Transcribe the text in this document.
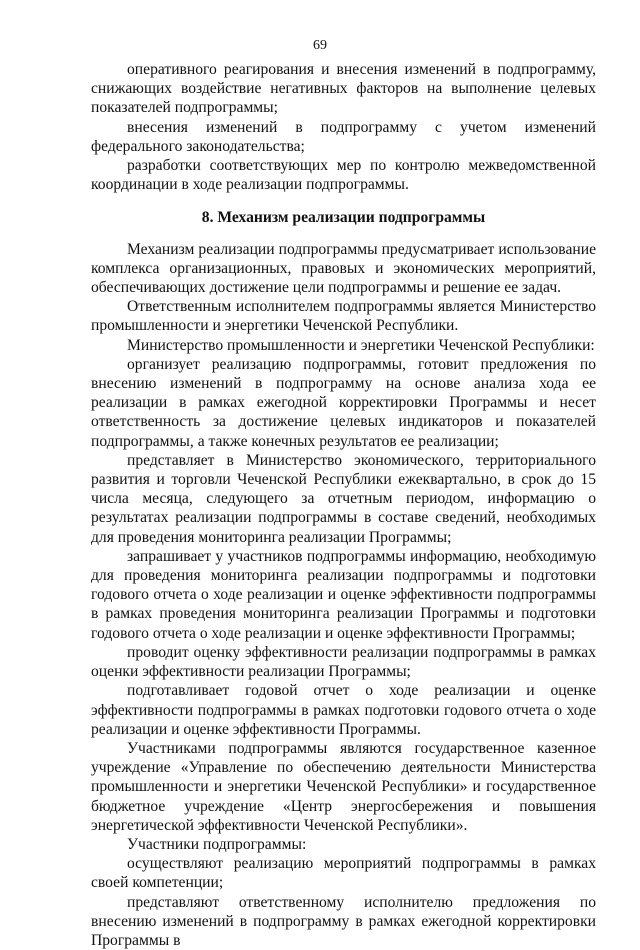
69

оперативного реагирования и внесения изменений в подпрограмму, снижающих воздействие негативных факторов на выполнение целевых показателей подпрограммы;

внесения изменений в подпрограмму с учетом изменений федерального законодательства;

разработки соответствующих мер по контролю межведомственной координации в ходе реализации подпрограммы.

8. Механизм реализации подпрограммы

Механизм реализации подпрограммы предусматривает использование комплекса организационных, правовых и экономических мероприятий, обеспечивающих достижение цели подпрограммы и решение ее задач.

Ответственным исполнителем подпрограммы является Министерство промышленности и энергетики Чеченской Республики.

Министерство промышленности и энергетики Чеченской Республики:

организует реализацию подпрограммы, готовит предложения по внесению изменений в подпрограмму на основе анализа хода ее реализации в рамках ежегодной корректировки Программы и несет ответственность за достижение целевых индикаторов и показателей подпрограммы, а также конечных результатов ее реализации;

представляет в Министерство экономического, территориального развития и торговли Чеченской Республики ежеквартально, в срок до 15 числа месяца, следующего за отчетным периодом, информацию о результатах реализации подпрограммы в составе сведений, необходимых для проведения мониторинга реализации Программы;

запрашивает у участников подпрограммы информацию, необходимую для проведения мониторинга реализации подпрограммы и подготовки годового отчета о ходе реализации и оценке эффективности подпрограммы в рамках проведения мониторинга реализации Программы и подготовки годового отчета о ходе реализации и оценке эффективности Программы;

проводит оценку эффективности реализации подпрограммы в рамках оценки эффективности реализации Программы;

подготавливает годовой отчет о ходе реализации и оценке эффективности подпрограммы в рамках подготовки годового отчета о ходе реализации и оценке эффективности Программы.

Участниками подпрограммы являются государственное казенное учреждение «Управление по обеспечению деятельности Министерства промышленности и энергетики Чеченской Республики» и государственное бюджетное учреждение «Центр энергосбережения и повышения энергетической эффективности Чеченской Республики».

Участники подпрограммы:

осуществляют реализацию мероприятий подпрограммы в рамках своей компетенции;

представляют ответственному исполнителю предложения по внесению изменений в подпрограмму в рамках ежегодной корректировки Программы в
